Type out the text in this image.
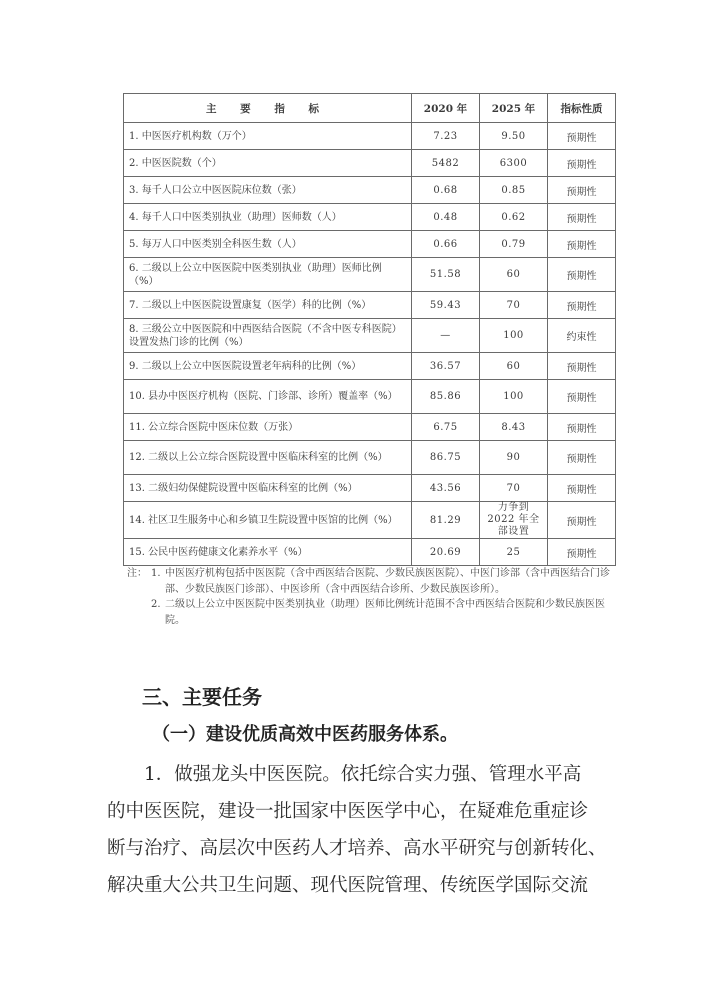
主 要 指 标	2020 年	2025 年	指标性质
1. 中医医疗机构数（万个）	7.23	9.50	预期性
2. 中医医院数（个）	5482	6300	预期性
3. 每千人口公立中医医院床位数（张）	0.68	0.85	预期性
4. 每千人口中医类别执业（助理）医师数（人）	0.48	0.62	预期性
5. 每万人口中医类别全科医生数（人）	0.66	0.79	预期性
6. 二级以上公立中医医院中医类别执业（助理）医师比例（%）	51.58	60	预期性
7. 二级以上中医医院设置康复（医学）科的比例（%）	59.43	70	预期性
8. 三级公立中医医院和中西医结合医院（不含中医专科医院）设置发热门诊的比例（%）	—	100	约束性
9. 二级以上公立中医医院设置老年病科的比例（%）	36.57	60	预期性
10. 县办中医医疗机构（医院、门诊部、诊所）覆盖率（%）	85.86	100	预期性
11. 公立综合医院中医床位数（万张）	6.75	8.43	预期性
12. 二级以上公立综合医院设置中医临床科室的比例（%）	86.75	90	预期性
13. 二级妇幼保健院设置中医临床科室的比例（%）	43.56	70	预期性
14. 社区卫生服务中心和乡镇卫生院设置中医馆的比例（%）	81.29	力争到 2022 年全部设置	预期性
15. 公民中医药健康文化素养水平（%）	20.69	25	预期性
注： 1. 中医医疗机构包括中医医院（含中西医结合医院、少数民族医医院）、中医门诊部（含中西医结合门诊部、少数民族医门诊部）、中医诊所（含中西医结合诊所、少数民族医诊所）。
2. 二级以上公立中医医院中医类别执业（助理）医师比例统计范围不含中西医结合医院和少数民族医医院。
三、主要任务
（一）建设优质高效中医药服务体系。
　　1．做强龙头中医医院。依托综合实力强、管理水平高
的中医医院，建设一批国家中医医学中心，在疑难危重症诊
断与治疗、高层次中医药人才培养、高水平研究与创新转化、
解决重大公共卫生问题、现代医院管理、传统医学国际交流
